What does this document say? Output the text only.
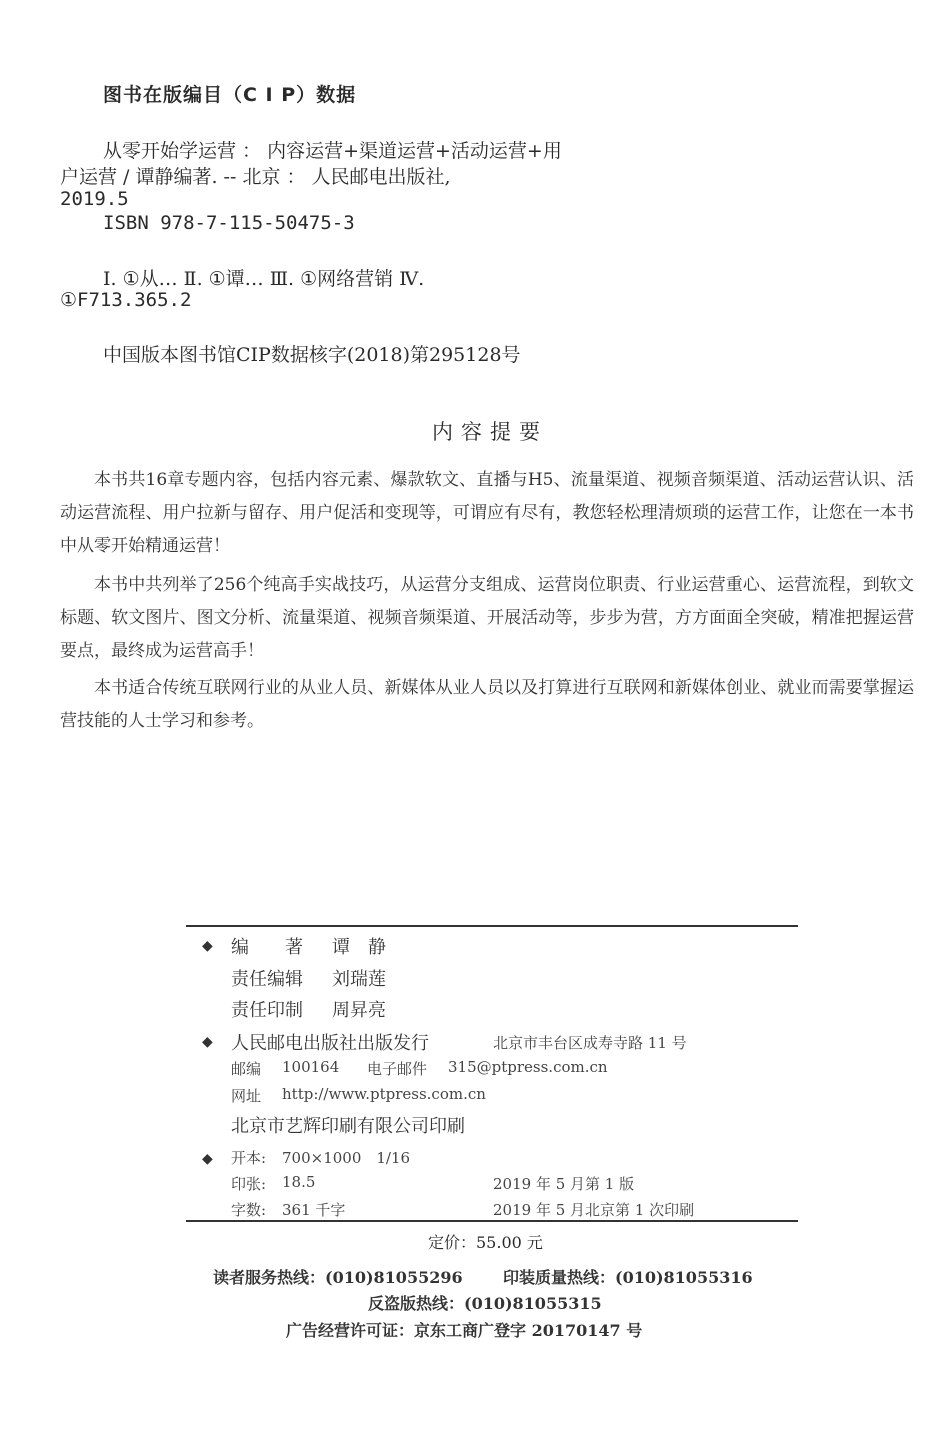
图书在版编目（C I P）数据
从零开始学运营 ： 内容运营+渠道运营+活动运营+用
户运营 / 谭静编著. -- 北京 ： 人民邮电出版社,
2019.5
ISBN 978-7-115-50475-3
Ⅰ. ①从… Ⅱ. ①谭… Ⅲ. ①网络营销 Ⅳ.
①F713.365.2
中国版本图书馆CIP数据核字(2018)第295128号
内容提要
本书共16章专题内容，包括内容元素、爆款软文、直播与H5、流量渠道、视频音频渠道、活动运营认识、活动运营流程、用户拉新与留存、用户促活和变现等，可谓应有尽有，教您轻松理清烦琐的运营工作，让您在一本书中从零开始精通运营！
本书中共列举了256个纯高手实战技巧，从运营分支组成、运营岗位职责、行业运营重心、运营流程，到软文标题、软文图片、图文分析、流量渠道、视频音频渠道、开展活动等，步步为营，方方面面全突破，精准把握运营要点，最终成为运营高手！
本书适合传统互联网行业的从业人员、新媒体从业人员以及打算进行互联网和新媒体创业、就业而需要掌握运营技能的人士学习和参考。
◆ 编　　著 谭　静
责任编辑 刘瑞莲
责任印制 周昇亮
◆ 人民邮电出版社出版发行	北京市丰台区成寿寺路 11 号
邮编 100164 电子邮件 315@ptpress.com.cn
网址 http://www.ptpress.com.cn
北京市艺辉印刷有限公司印刷
◆ 开本: 700×1000　1/16
印张: 18.5	2019 年 5 月第 1 版
字数: 361 千字	2019 年 5 月北京第 1 次印刷
定价：55.00 元
读者服务热线：(010)81055296	印装质量热线：(010)81055316
反盗版热线：(010)81055315
广告经营许可证：京东工商广登字 20170147 号
